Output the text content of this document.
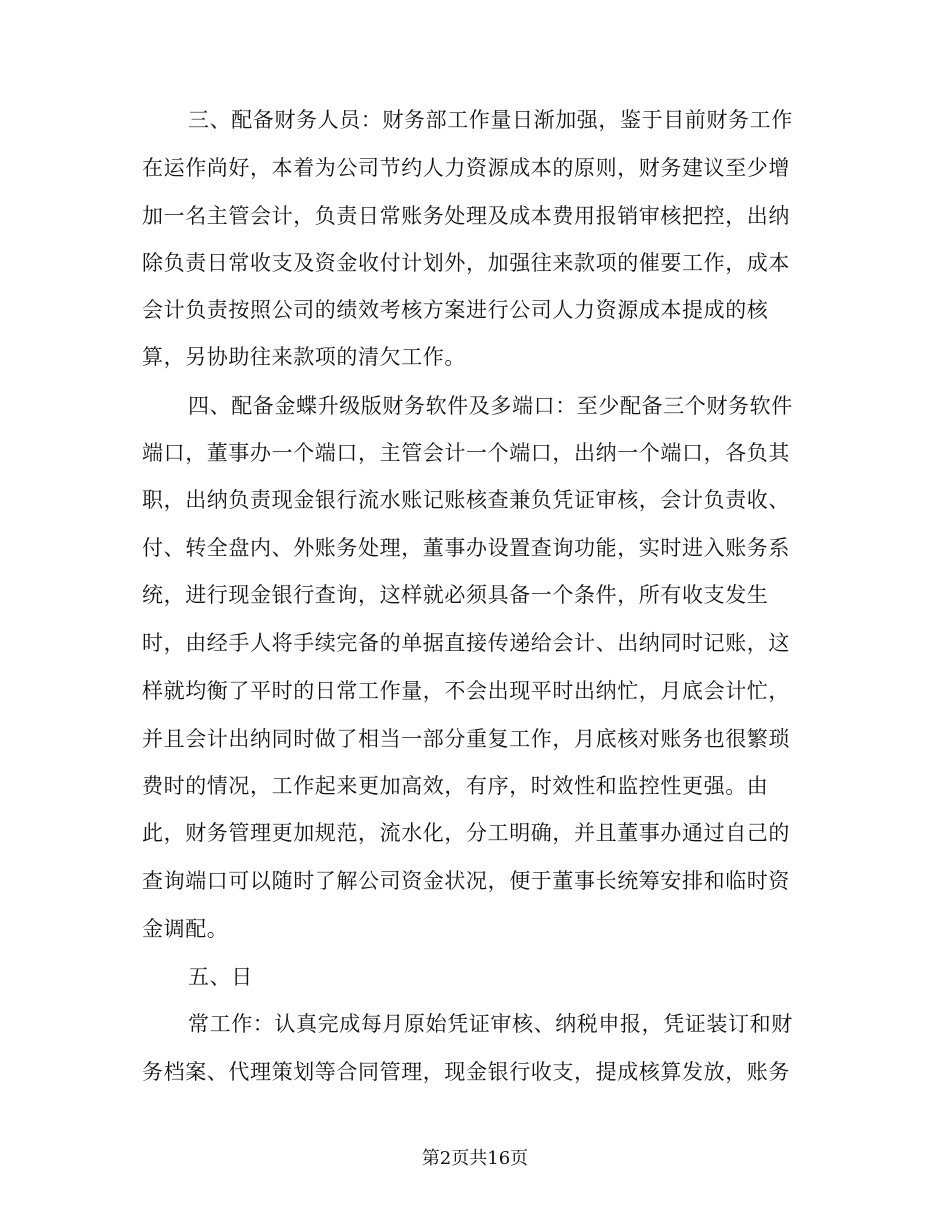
三、配备财务人员：财务部工作量日渐加强，鉴于目前财务工作
在运作尚好，本着为公司节约人力资源成本的原则，财务建议至少增
加一名主管会计，负责日常账务处理及成本费用报销审核把控，出纳
除负责日常收支及资金收付计划外，加强往来款项的催要工作，成本
会计负责按照公司的绩效考核方案进行公司人力资源成本提成的核
算，另协助往来款项的清欠工作。
四、配备金蝶升级版财务软件及多端口：至少配备三个财务软件
端口，董事办一个端口，主管会计一个端口，出纳一个端口，各负其
职，出纳负责现金银行流水账记账核查兼负凭证审核，会计负责收、
付、转全盘内、外账务处理，董事办设置查询功能，实时进入账务系
统，进行现金银行查询，这样就必须具备一个条件，所有收支发生
时，由经手人将手续完备的单据直接传递给会计、出纳同时记账，这
样就均衡了平时的日常工作量，不会出现平时出纳忙，月底会计忙，
并且会计出纳同时做了相当一部分重复工作，月底核对账务也很繁琐
费时的情况，工作起来更加高效，有序，时效性和监控性更强。由
此，财务管理更加规范，流水化，分工明确，并且董事办通过自己的
查询端口可以随时了解公司资金状况，便于董事长统筹安排和临时资
金调配。
五、日
常工作：认真完成每月原始凭证审核、纳税申报，凭证装订和财
务档案、代理策划等合同管理，现金银行收支，提成核算发放，账务
第2页共16页
